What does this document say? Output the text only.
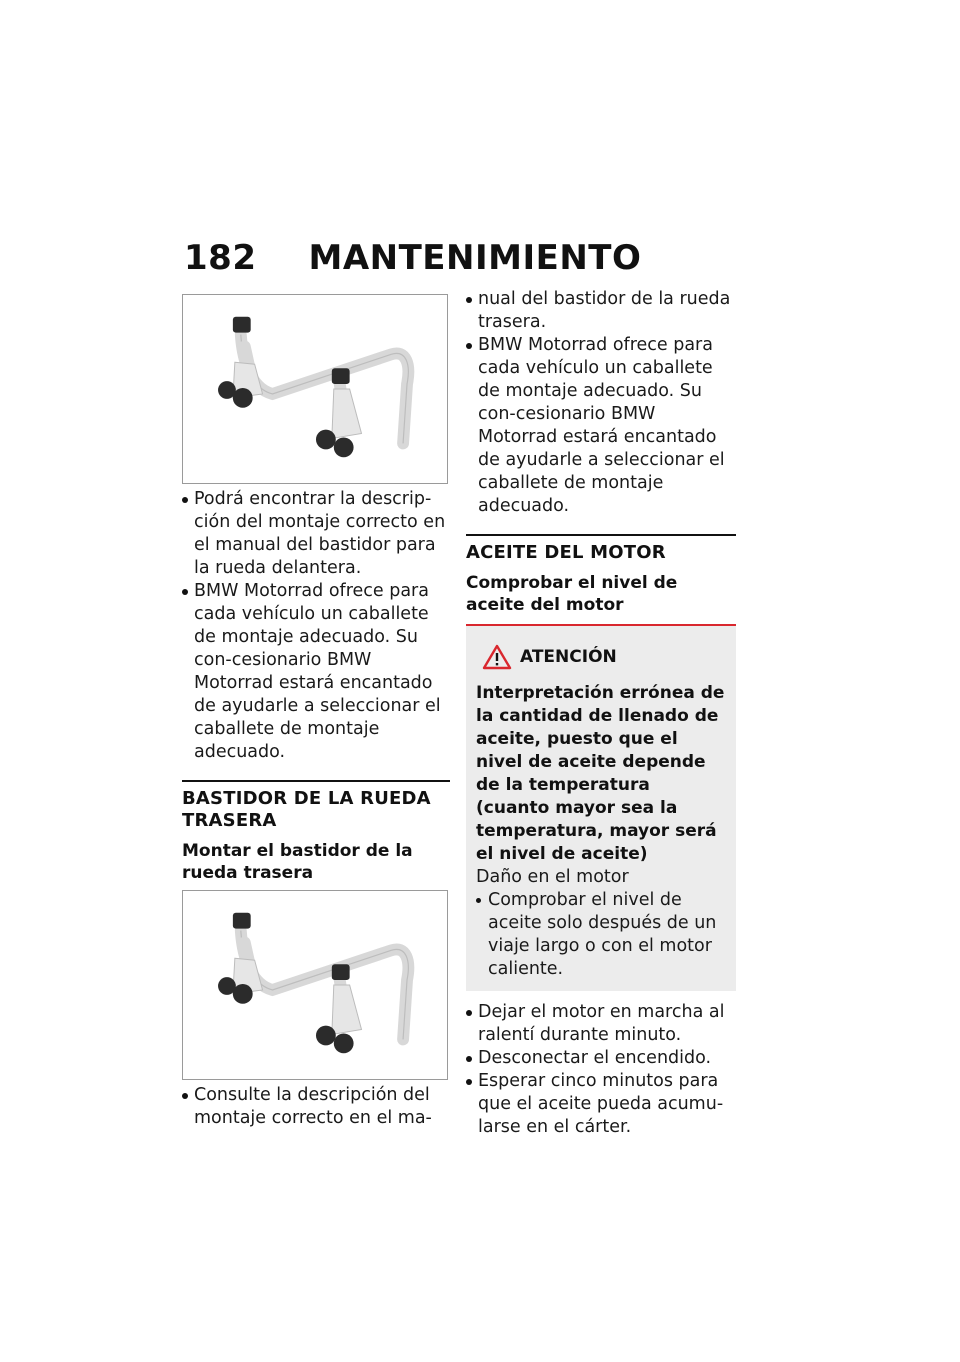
182 MANTENIMIENTO
Podrá encontrar la descrip-ción del montaje correcto en el manual del bastidor para la rueda delantera.
BMW Motorrad ofrece para cada vehículo un caballete de montaje adecuado. Su con-cesionario BMW Motorrad estará encantado de ayudarle a seleccionar el caballete de montaje adecuado.
BASTIDOR DE LA RUEDA TRASERA
Montar el bastidor de la rueda trasera
Consulte la descripción del montaje correcto en el ma-
nual del bastidor de la rueda trasera.
BMW Motorrad ofrece para cada vehículo un caballete de montaje adecuado. Su con-cesionario BMW Motorrad estará encantado de ayudarle a seleccionar el caballete de montaje adecuado.
ACEITE DEL MOTOR
Comprobar el nivel de aceite del motor
ATENCIÓN
Interpretación errónea de la cantidad de llenado de aceite, puesto que el nivel de aceite depende de la temperatura (cuanto mayor sea la temperatura, mayor será el nivel de aceite)
Daño en el motor
Comprobar el nivel de aceite solo después de un viaje largo o con el motor caliente.
Dejar el motor en marcha al ralentí durante minuto.
Desconectar el encendido.
Esperar cinco minutos para que el aceite pueda acumu-larse en el cárter.
